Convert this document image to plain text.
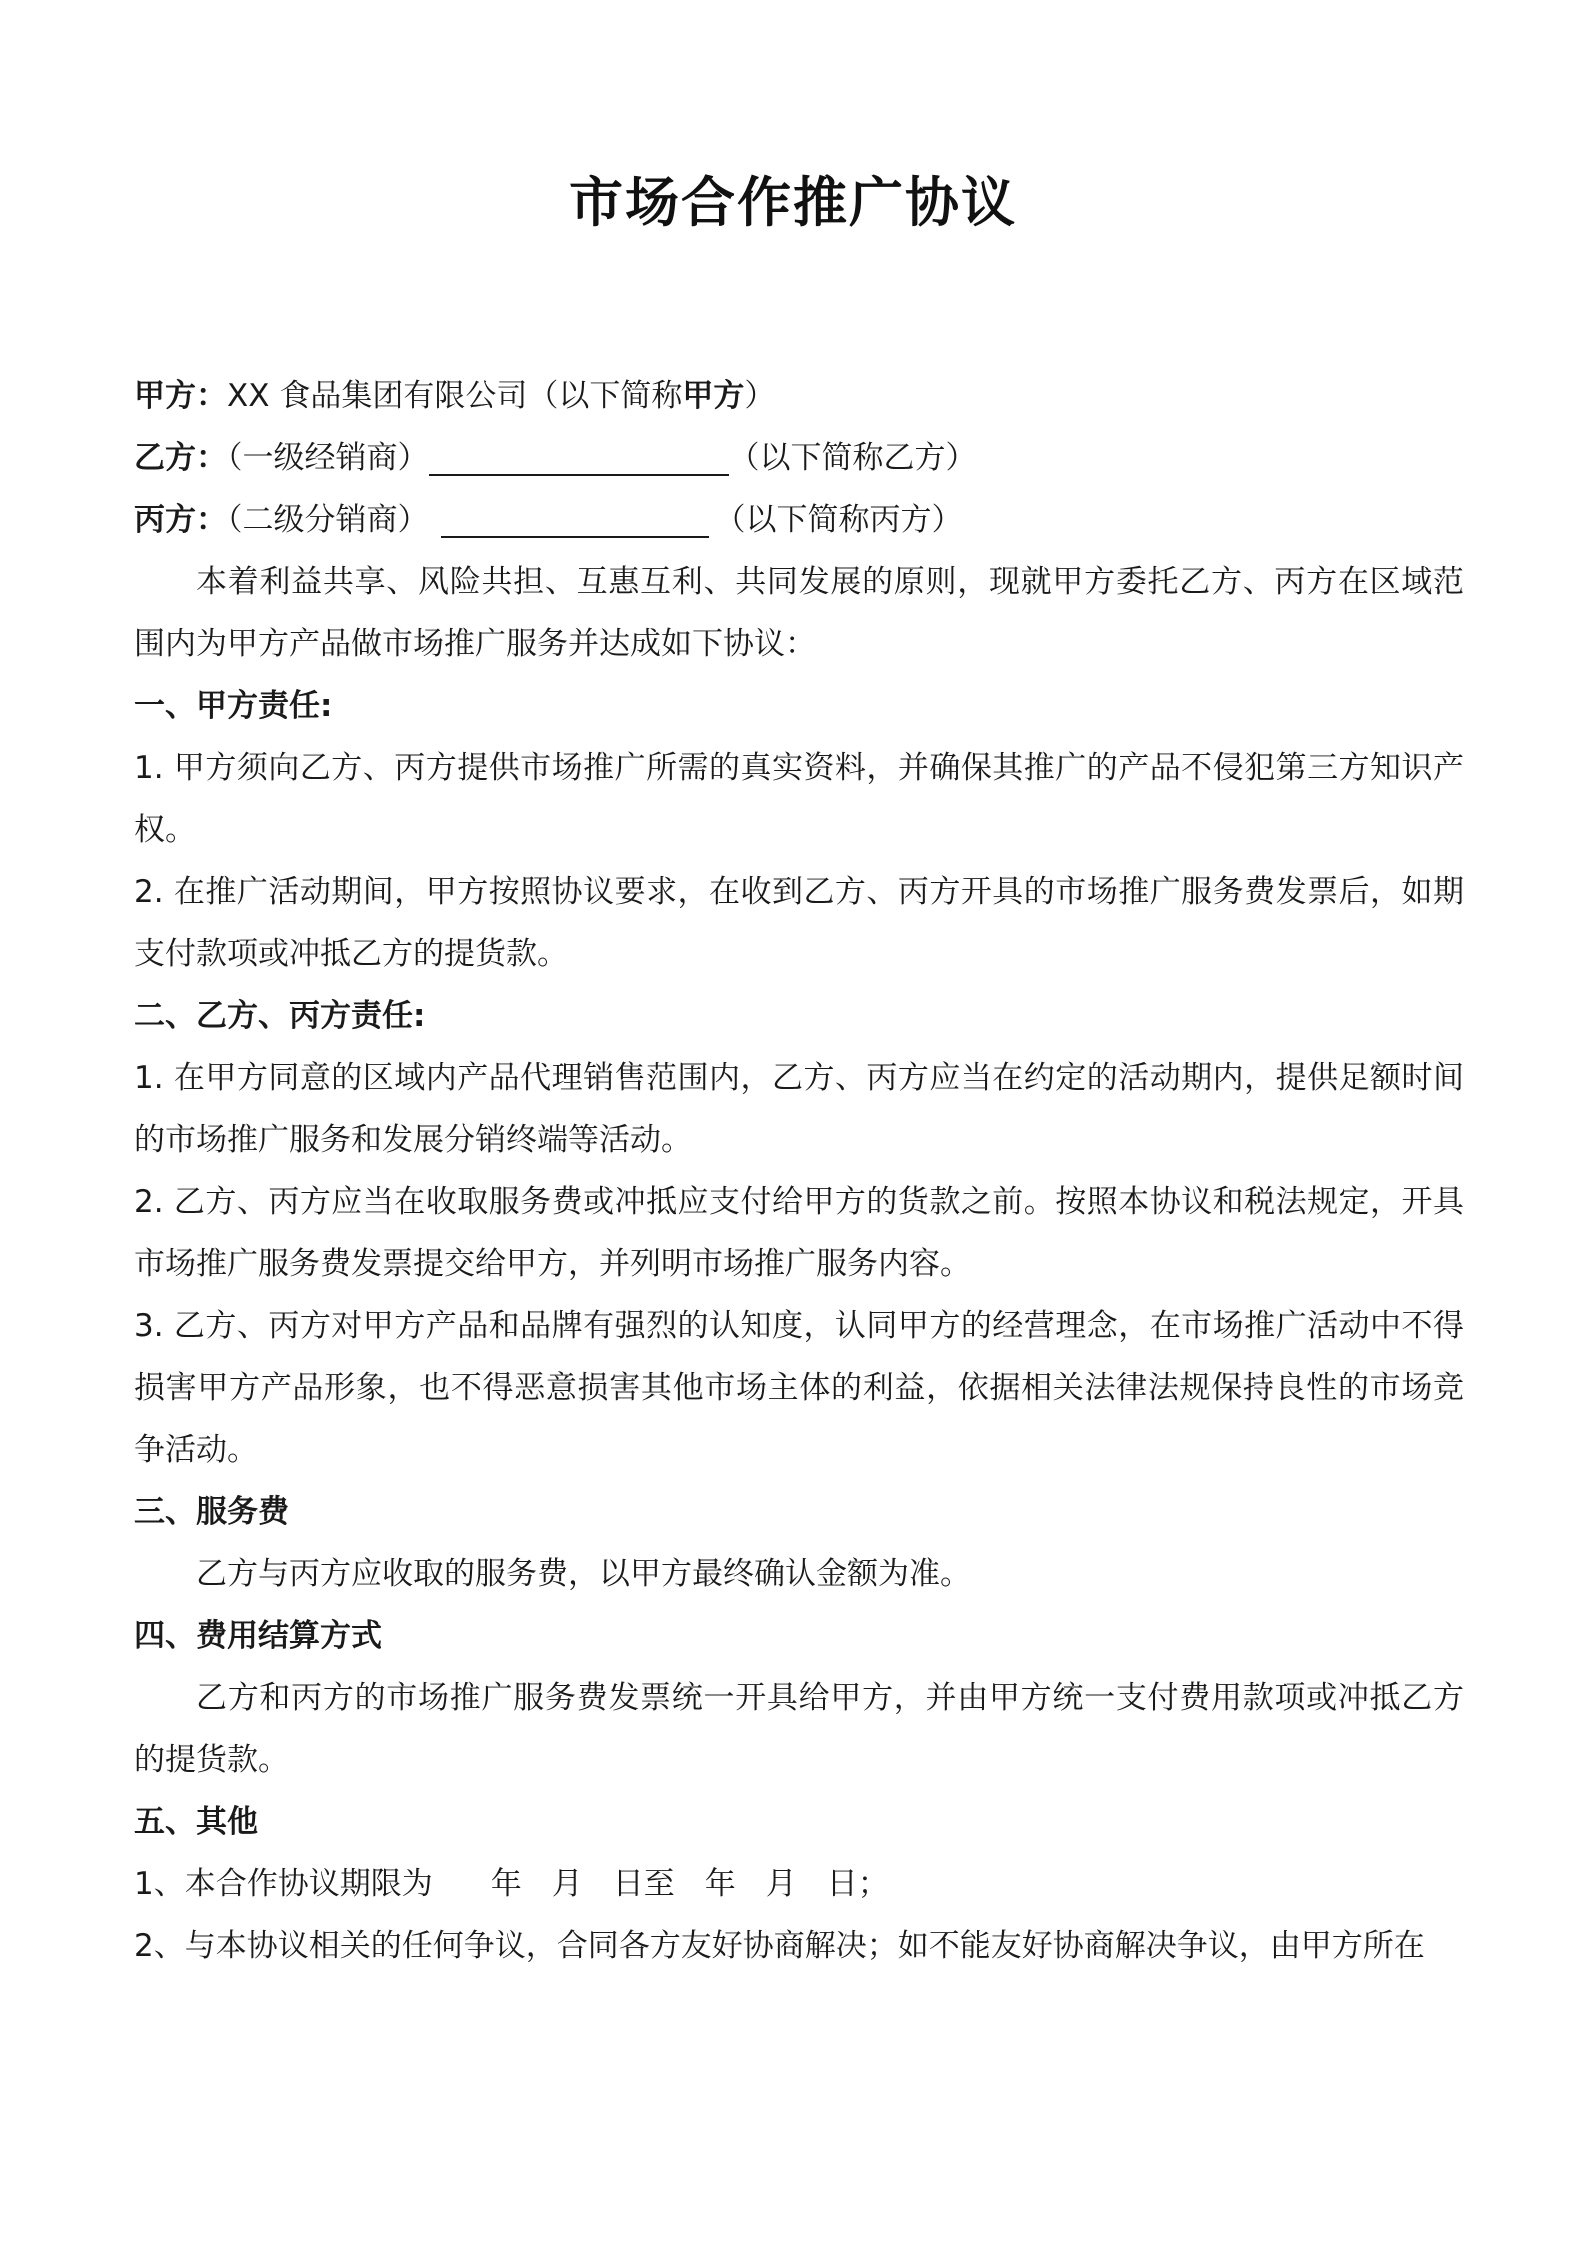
市场合作推广协议

甲方：XX 食品集团有限公司（以下简称甲方）

乙方：（一级经销商）	（以下简称乙方）

丙方：（二级分销商）	（以下简称丙方）

本着利益共享、风险共担、互惠互利、共同发展的原则，现就甲方委托乙方、丙方在区域范围内为甲方产品做市场推广服务并达成如下协议：

一、甲方责任:

1. 甲方须向乙方、丙方提供市场推广所需的真实资料，并确保其推广的产品不侵犯第三方知识产权。

2. 在推广活动期间，甲方按照协议要求，在收到乙方、丙方开具的市场推广服务费发票后，如期支付款项或冲抵乙方的提货款。

二、乙方、丙方责任:

1. 在甲方同意的区域内产品代理销售范围内，乙方、丙方应当在约定的活动期内，提供足额时间的市场推广服务和发展分销终端等活动。

2. 乙方、丙方应当在收取服务费或冲抵应支付给甲方的货款之前。按照本协议和税法规定，开具市场推广服务费发票提交给甲方，并列明市场推广服务内容。

3. 乙方、丙方对甲方产品和品牌有强烈的认知度，认同甲方的经营理念，在市场推广活动中不得损害甲方产品形象，也不得恶意损害其他市场主体的利益，依据相关法律法规保持良性的市场竞争活动。

三、服务费

乙方与丙方应收取的服务费，以甲方最终确认金额为准。

四、费用结算方式

乙方和丙方的市场推广服务费发票统一开具给甲方，并由甲方统一支付费用款项或冲抵乙方的提货款。

五、其他

1、本合作协议期限为 年 月 日至 年 月 日；

2、与本协议相关的任何争议，合同各方友好协商解决；如不能友好协商解决争议，由甲方所在
